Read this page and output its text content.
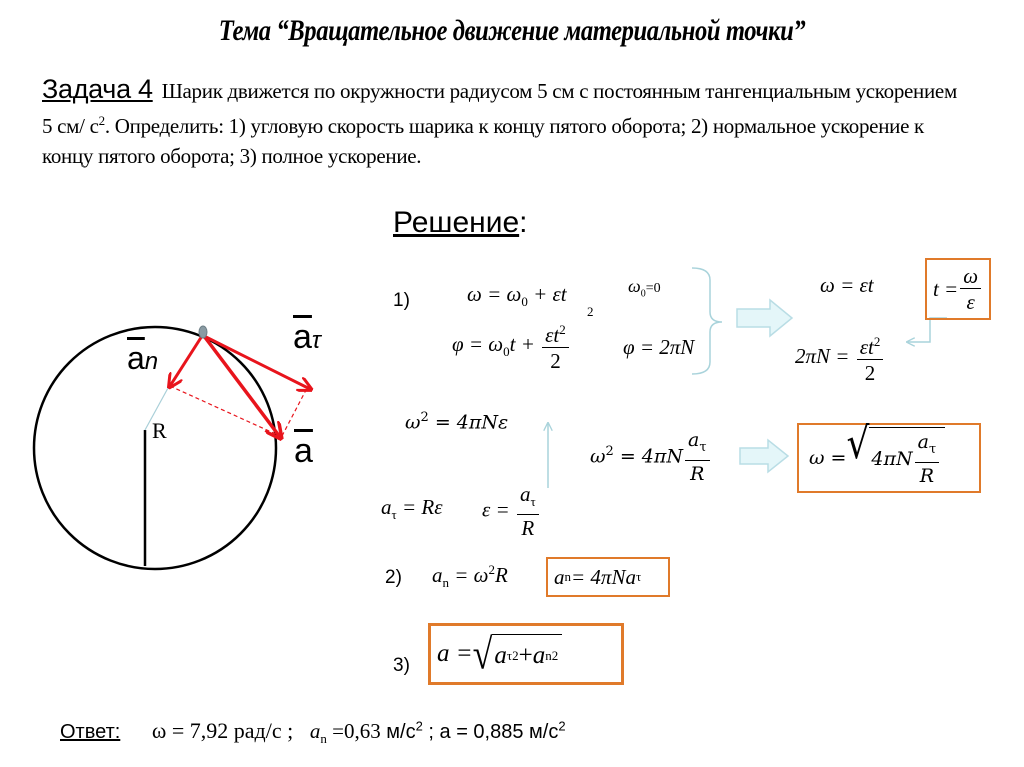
Тема “Вращательное движение материальной точки”
Задача 4 Шарик движется по окружности радиусом 5 см с постоянным тангенциальным ускорением 5 см/ $с^2$. Определить: 1) угловую скорость шарика к концу пятого оборота; 2) нормальное ускорение к концу пятого оборота; 3) полное ускорение.
Решение:
$\overline{a}n$
$\overline{a}\tau$
$\overline{a}$
R
1)	$\omega = \omega_0 + \varepsilon t$	$\omega_0=0$
$\varphi = \omega_0t + \frac{\varepsilon t^2}{2}$
2
φ = 2πN
ω = εt	$t = \frac{\omega}{\varepsilon}$
$2\pi N = \frac{\varepsilon t^2}{2}$
$\omega^2 = 4\pi N\varepsilon$
$a_\tau = R\varepsilon$ $\varepsilon = \frac{a_\tau}{R}$
$\omega^2 = 4\pi N \frac{a_\tau}{R}$	ω = √ $4\pi N \frac{a_\tau}{R}$
2) $a_n = \omega^2R$ a n = 4πNa τ
3) a = √ a τ 2 + a n 2
Ответ: ω = 7,92 рад/с ; $a_n =0,63$ $м/с^2$ ; a = 0,885 $м/с^2$
